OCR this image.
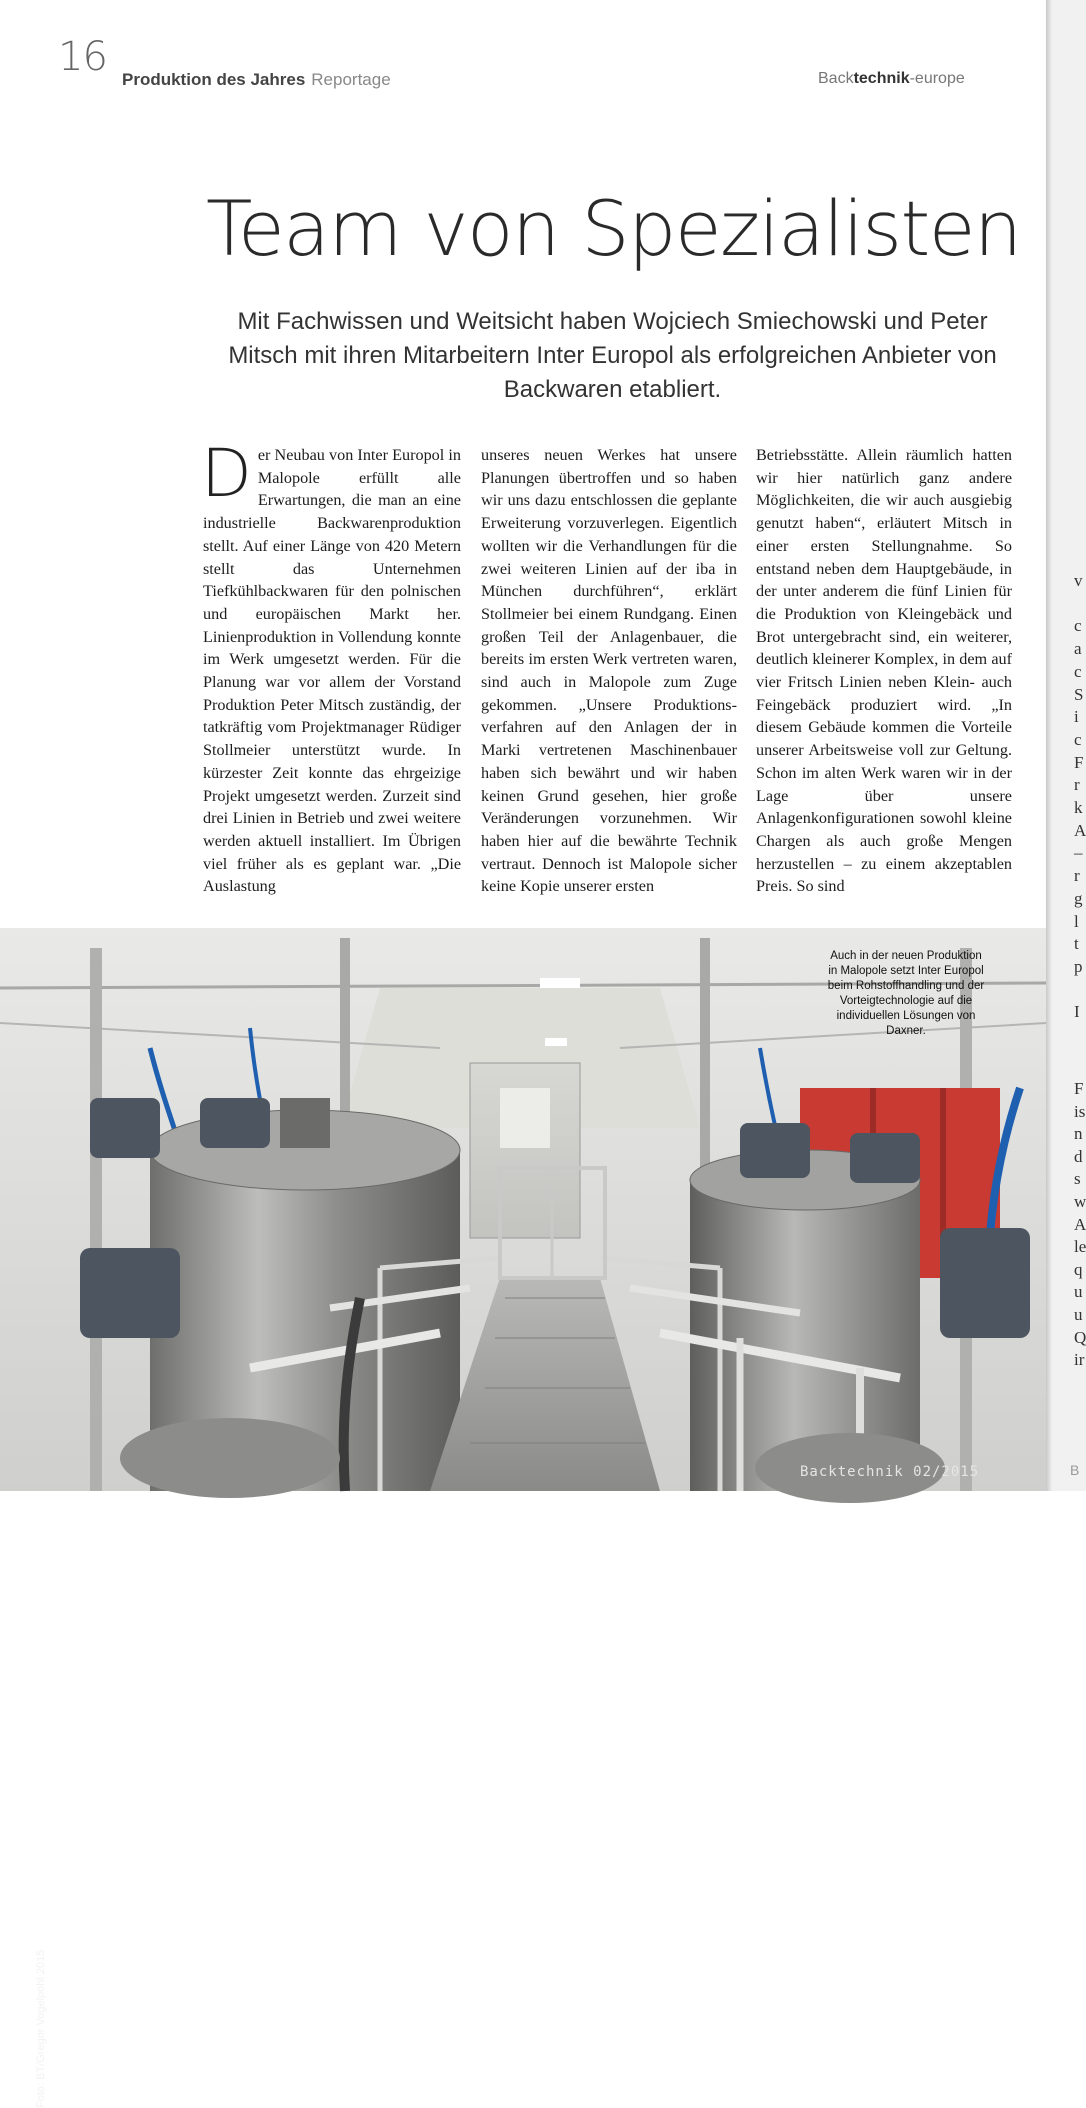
16 Produktion des Jahres Reportage	Backtechnik-europe
Team von Spezialisten
Mit Fachwissen und Weitsicht haben Wojciech Smiechowski und Peter Mitsch mit ihren Mitarbeitern Inter Europol als erfolgreichen Anbieter von Backwaren etabliert.
D er Neubau von Inter Europol in Malopole erfüllt alle Erwartungen, die man an eine industrielle Backwarenproduktion stellt. Auf einer Länge von 420 Metern stellt das Unternehmen Tiefkühlbackwaren für den polnischen und europäischen Markt her. Linienproduktion in Vollendung konnte im Werk umgesetzt werden. Für die Planung war vor allem der Vorstand Produktion Peter Mitsch zuständig, der tatkräftig vom Projektmanager Rüdiger Stollmeier unterstützt wurde. In kürzester Zeit konnte das ehrgeizige Projekt umgesetzt werden. Zurzeit sind drei Linien in Betrieb und zwei weitere werden aktuell installiert. Im Übrigen viel früher als es geplant war. „Die Auslastung
unseres neuen Werkes hat unsere Planungen übertroffen und so haben wir uns dazu entschlossen die geplante Erweiterung vorzuverlegen. Eigentlich wollten wir die Verhandlungen für die zwei weiteren Linien auf der iba in München durchführen“, erklärt Stollmeier bei einem Rundgang. Einen großen Teil der Anlagenbauer, die bereits im ersten Werk vertreten waren, sind auch in Malopole zum Zuge gekommen. „Unsere Produktionsverfahren auf den Anlagen der in Marki vertretenen Maschinenbauer haben sich bewährt und wir haben keinen Grund gesehen, hier große Veränderungen vorzunehmen. Wir haben hier auf die bewährte Technik vertraut. Dennoch ist Malopole sicher keine Kopie unserer ersten
Betriebsstätte. Allein räumlich hatten wir hier natürlich ganz andere Möglichkeiten, die wir auch ausgiebig genutzt haben“, erläutert Mitsch in einer ersten Stellungnahme. So entstand neben dem Hauptgebäude, in der unter anderem die fünf Linien für die Produktion von Kleingebäck und Brot untergebracht sind, ein weiterer, deutlich kleinerer Komplex, in dem auf vier Fritsch Linien neben Klein- auch Feingebäck produziert wird. „In diesem Gebäude kommen die Vorteile unserer Arbeitsweise voll zur Geltung. Schon im alten Werk waren wir in der Lage über unsere Anlagenkonfigurationen sowohl kleine Chargen als auch große Mengen herzustellen – zu einem akzeptablen Preis. So sind
Foto: BT/Gregor Vogelpohl 2015
Auch in der neuen Produktion in Malopole setzt Inter Europol beim Rohstoffhandling und der Vorteigtechnologie auf die individuellen Lösungen von Daxner.
Backtechnik 02/2015
v

c
a
c
S
i
c
F
r
k
A
–
r
g
l
t
p

I
F
is
n
d
s
w
A
le
q
u
u
Q
ir
B
